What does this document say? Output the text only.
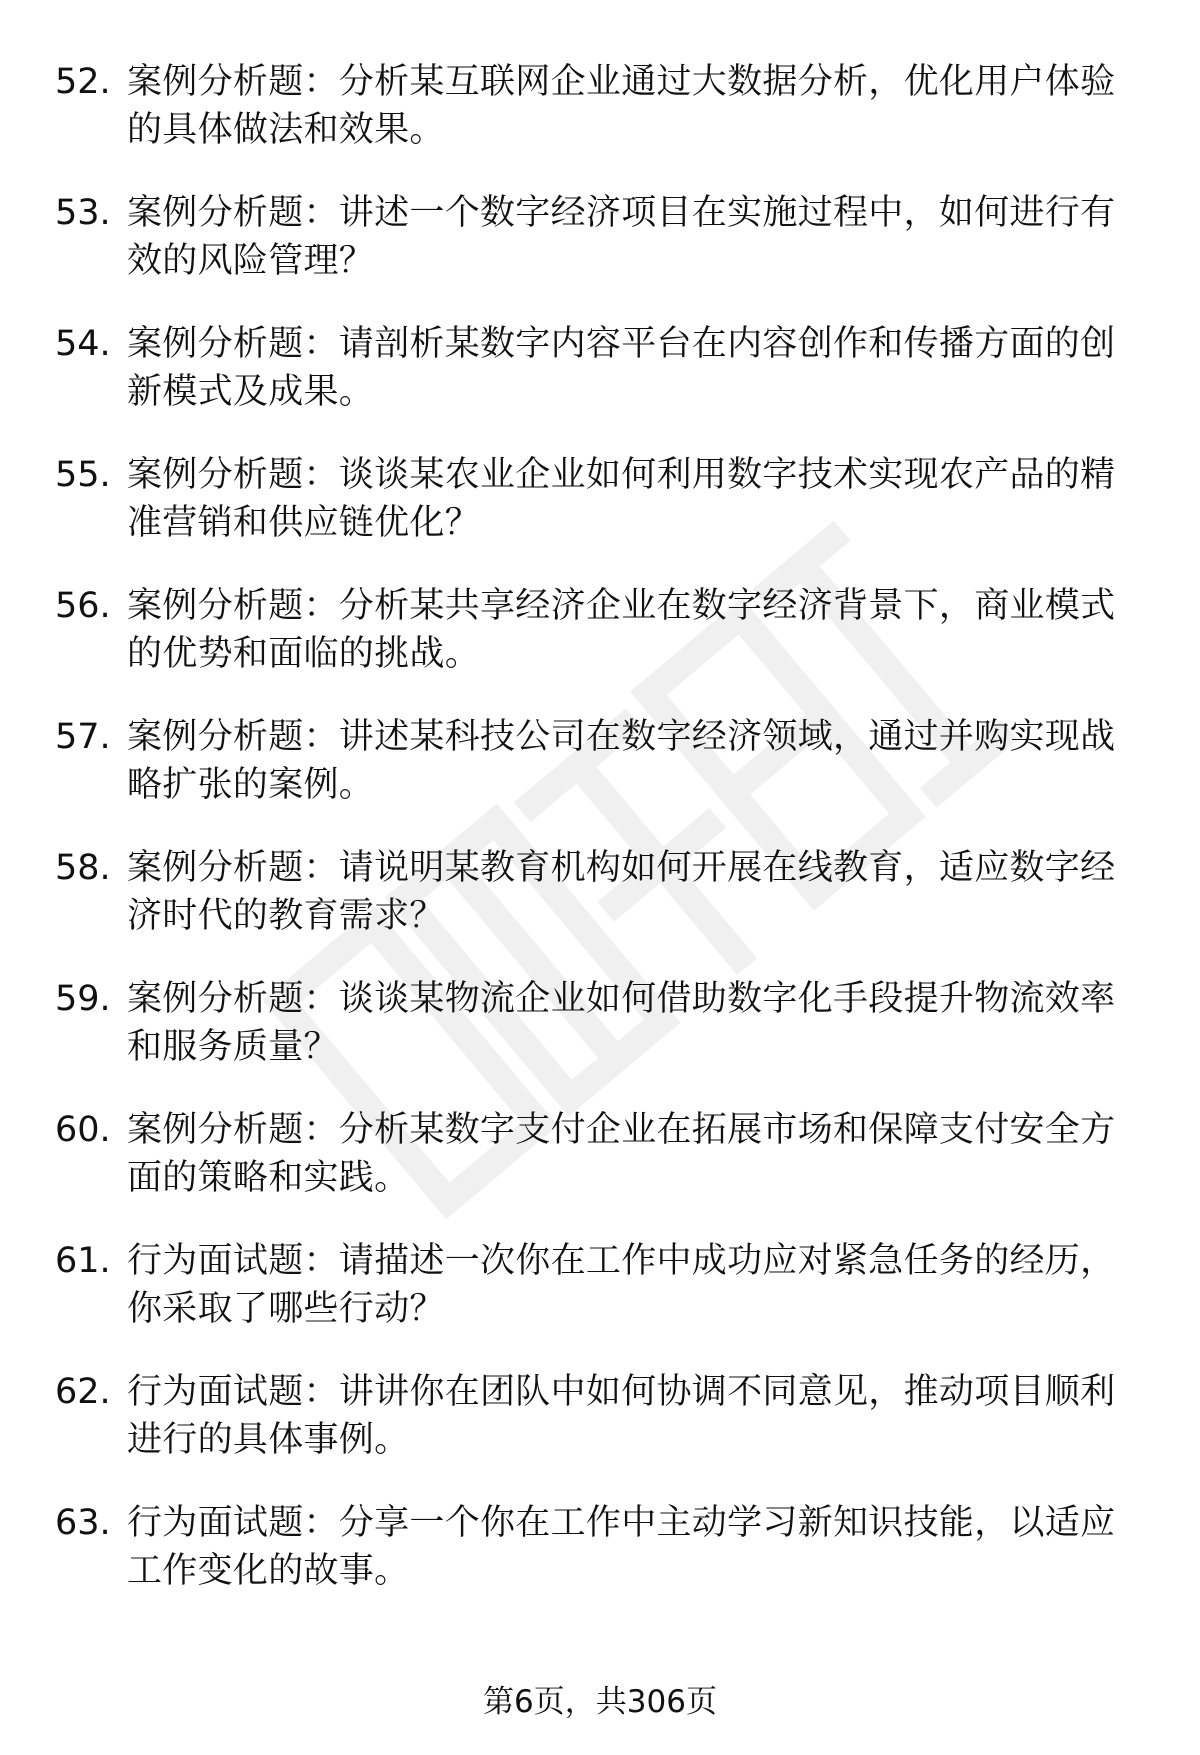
52. 案例分析题：分析某互联网企业通过大数据分析，优化用户体验的具体做法和效果。
53. 案例分析题：讲述一个数字经济项目在实施过程中，如何进行有效的风险管理？
54. 案例分析题：请剖析某数字内容平台在内容创作和传播方面的创新模式及成果。
55. 案例分析题：谈谈某农业企业如何利用数字技术实现农产品的精准营销和供应链优化？
56. 案例分析题：分析某共享经济企业在数字经济背景下，商业模式的优势和面临的挑战。
57. 案例分析题：讲述某科技公司在数字经济领域，通过并购实现战略扩张的案例。
58. 案例分析题：请说明某教育机构如何开展在线教育，适应数字经济时代的教育需求？
59. 案例分析题：谈谈某物流企业如何借助数字化手段提升物流效率和服务质量？
60. 案例分析题：分析某数字支付企业在拓展市场和保障支付安全方面的策略和实践。
61. 行为面试题：请描述一次你在工作中成功应对紧急任务的经历，你采取了哪些行动？
62. 行为面试题：讲讲你在团队中如何协调不同意见，推动项目顺利进行的具体事例。
63. 行为面试题：分享一个你在工作中主动学习新知识技能，以适应工作变化的故事。
第6页，共306页
